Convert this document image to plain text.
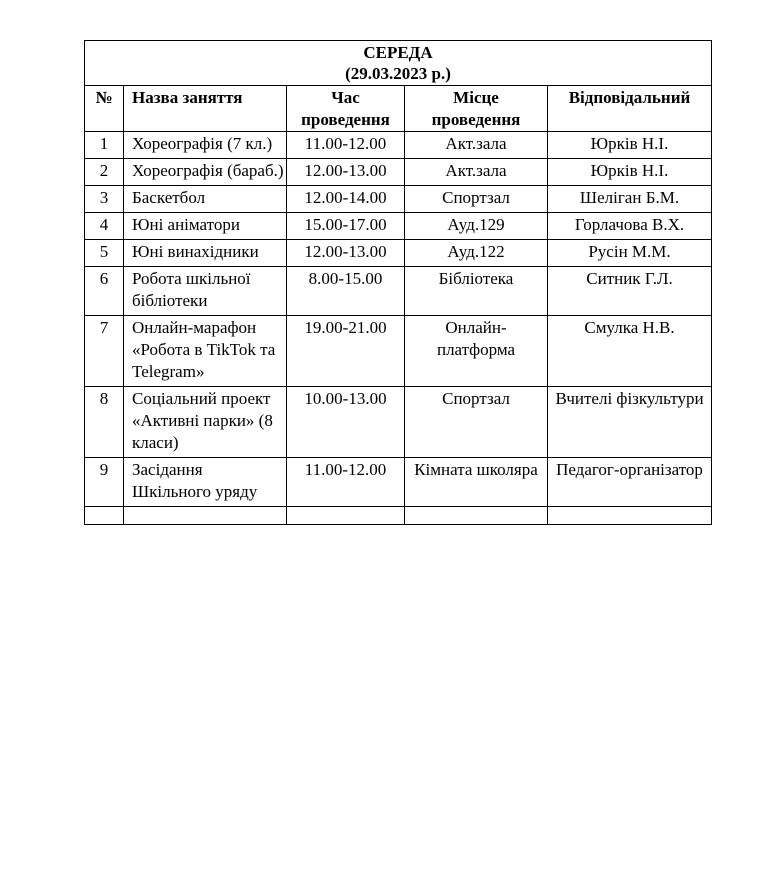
СЕРЕДА
(29.03.2023 р.)				

№	Назва заняття	Час проведення	Місце проведення	Відповідальний
1	Хореографія (7 кл.)	11.00-12.00	Акт.зала	Юрків Н.І.
2	Хореографія (бараб.)	12.00-13.00	Акт.зала	Юрків Н.І.
3	Баскетбол	12.00-14.00	Спортзал	Шеліган Б.М.
4	Юні аніматори	15.00-17.00	Ауд.129	Горлачова В.Х.
5	Юні винахідники	12.00-13.00	Ауд.122	Русін М.М.
6	Робота шкільної бібліотеки	8.00-15.00	Бібліотека	Ситник Г.Л.
7	Онлайн-марафон «Робота в TikTok та Telegram»	19.00-21.00	Онлайн-платформа	Смулка Н.В.
8	Соціальний проект «Активні парки» (8 класи)	10.00-13.00	Спортзал	Вчителі фізкультури
9	Засідання Шкільного уряду	11.00-12.00	Кімната школяра	Педагог-організатор
